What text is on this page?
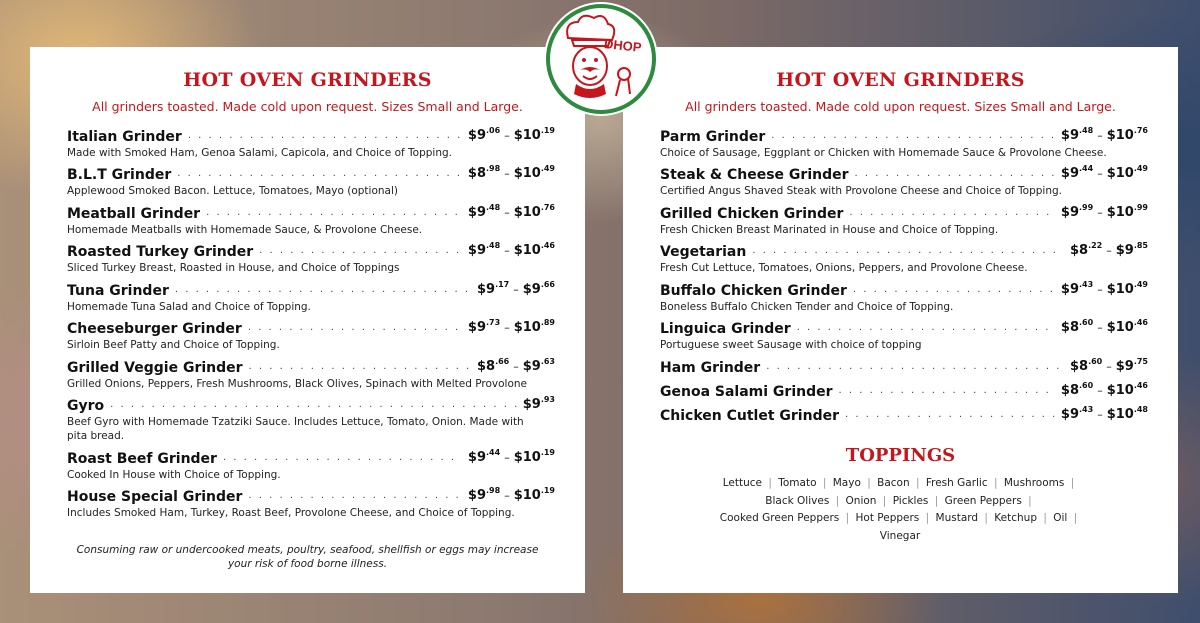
HOT OVEN GRINDERS
All grinders toasted. Made cold upon request. Sizes Small and Large.
Italian Grinder . . .	$\$9^{.06}$ – $\$10^{.19}$
Made with Smoked Ham, Genoa Salami, Capicola, and Choice of Topping.
B.L.T Grinder . . .	$\$8^{.98}$ – $\$10^{.49}$
Applewood Smoked Bacon. Lettuce, Tomatoes, Mayo (optional)
Meatball Grinder . . .	$\$9^{.48}$ – $\$10^{.76}$
Homemade Meatballs with Homemade Sauce, & Provolone Cheese.
Roasted Turkey Grinder . . .	$\$9^{.48}$ – $\$10^{.46}$
Sliced Turkey Breast, Roasted in House, and Choice of Toppings
Tuna Grinder . . .	$\$9^{.17}$ – $\$9^{.66}$
Homemade Tuna Salad and Choice of Topping.
Cheeseburger Grinder . . .	$\$9^{.73}$ – $\$10^{.89}$
Sirloin Beef Patty and Choice of Topping.
Grilled Veggie Grinder . . .	$\$8^{.66}$ – $\$9^{.63}$
Grilled Onions, Peppers, Fresh Mushrooms, Black Olives, Spinach with Melted Provolone
Gyro . . .	$\$9^{.93}$
Beef Gyro with Homemade Tzatziki Sauce. Includes Lettuce, Tomato, Onion. Made with pita bread.
Roast Beef Grinder . . .	$\$9^{.44}$ – $\$10^{.19}$
Cooked In House with Choice of Topping.
House Special Grinder . . .	$\$9^{.98}$ – $\$10^{.19}$
Includes Smoked Ham, Turkey, Roast Beef, Provolone Cheese, and Choice of Topping.
Consuming raw or undercooked meats, poultry, seafood, shellfish or eggs may increase your risk of food borne illness.
HOT OVEN GRINDERS
All grinders toasted. Made cold upon request. Sizes Small and Large.
Parm Grinder . . .	$\$9^{.48}$ – $\$10^{.76}$
Choice of Sausage, Eggplant or Chicken with Homemade Sauce & Provolone Cheese.
Steak & Cheese Grinder . . .	$\$9^{.44}$ – $\$10^{.49}$
Certified Angus Shaved Steak with Provolone Cheese and Choice of Topping.
Grilled Chicken Grinder . . .	$\$9^{.99}$ – $\$10^{.99}$
Fresh Chicken Breast Marinated in House and Choice of Topping.
Vegetarian . . .	$\$8^{.22}$ – $\$9^{.85}$
Fresh Cut Lettuce, Tomatoes, Onions, Peppers, and Provolone Cheese.
Buffalo Chicken Grinder . . .	$\$9^{.43}$ – $\$10^{.49}$
Boneless Buffalo Chicken Tender and Choice of Topping.
Linguica Grinder . . .	$\$8^{.60}$ – $\$10^{.46}$
Portuguese sweet Sausage with choice of topping
Ham Grinder . . .	$\$8^{.60}$ – $\$9^{.75}$
Genoa Salami Grinder . . .	$\$8^{.60}$ – $\$10^{.46}$
Chicken Cutlet Grinder . . .	$\$9^{.43}$ – $\$10^{.48}$
TOPPINGS
Lettuce | Tomato | Mayo | Bacon | Fresh Garlic | Mushrooms | Black Olives | Onion | Pickles | Green Peppers | Cooked Green Peppers | Hot Peppers | Mustard | Ketchup | Oil | Vinegar
DHOP
